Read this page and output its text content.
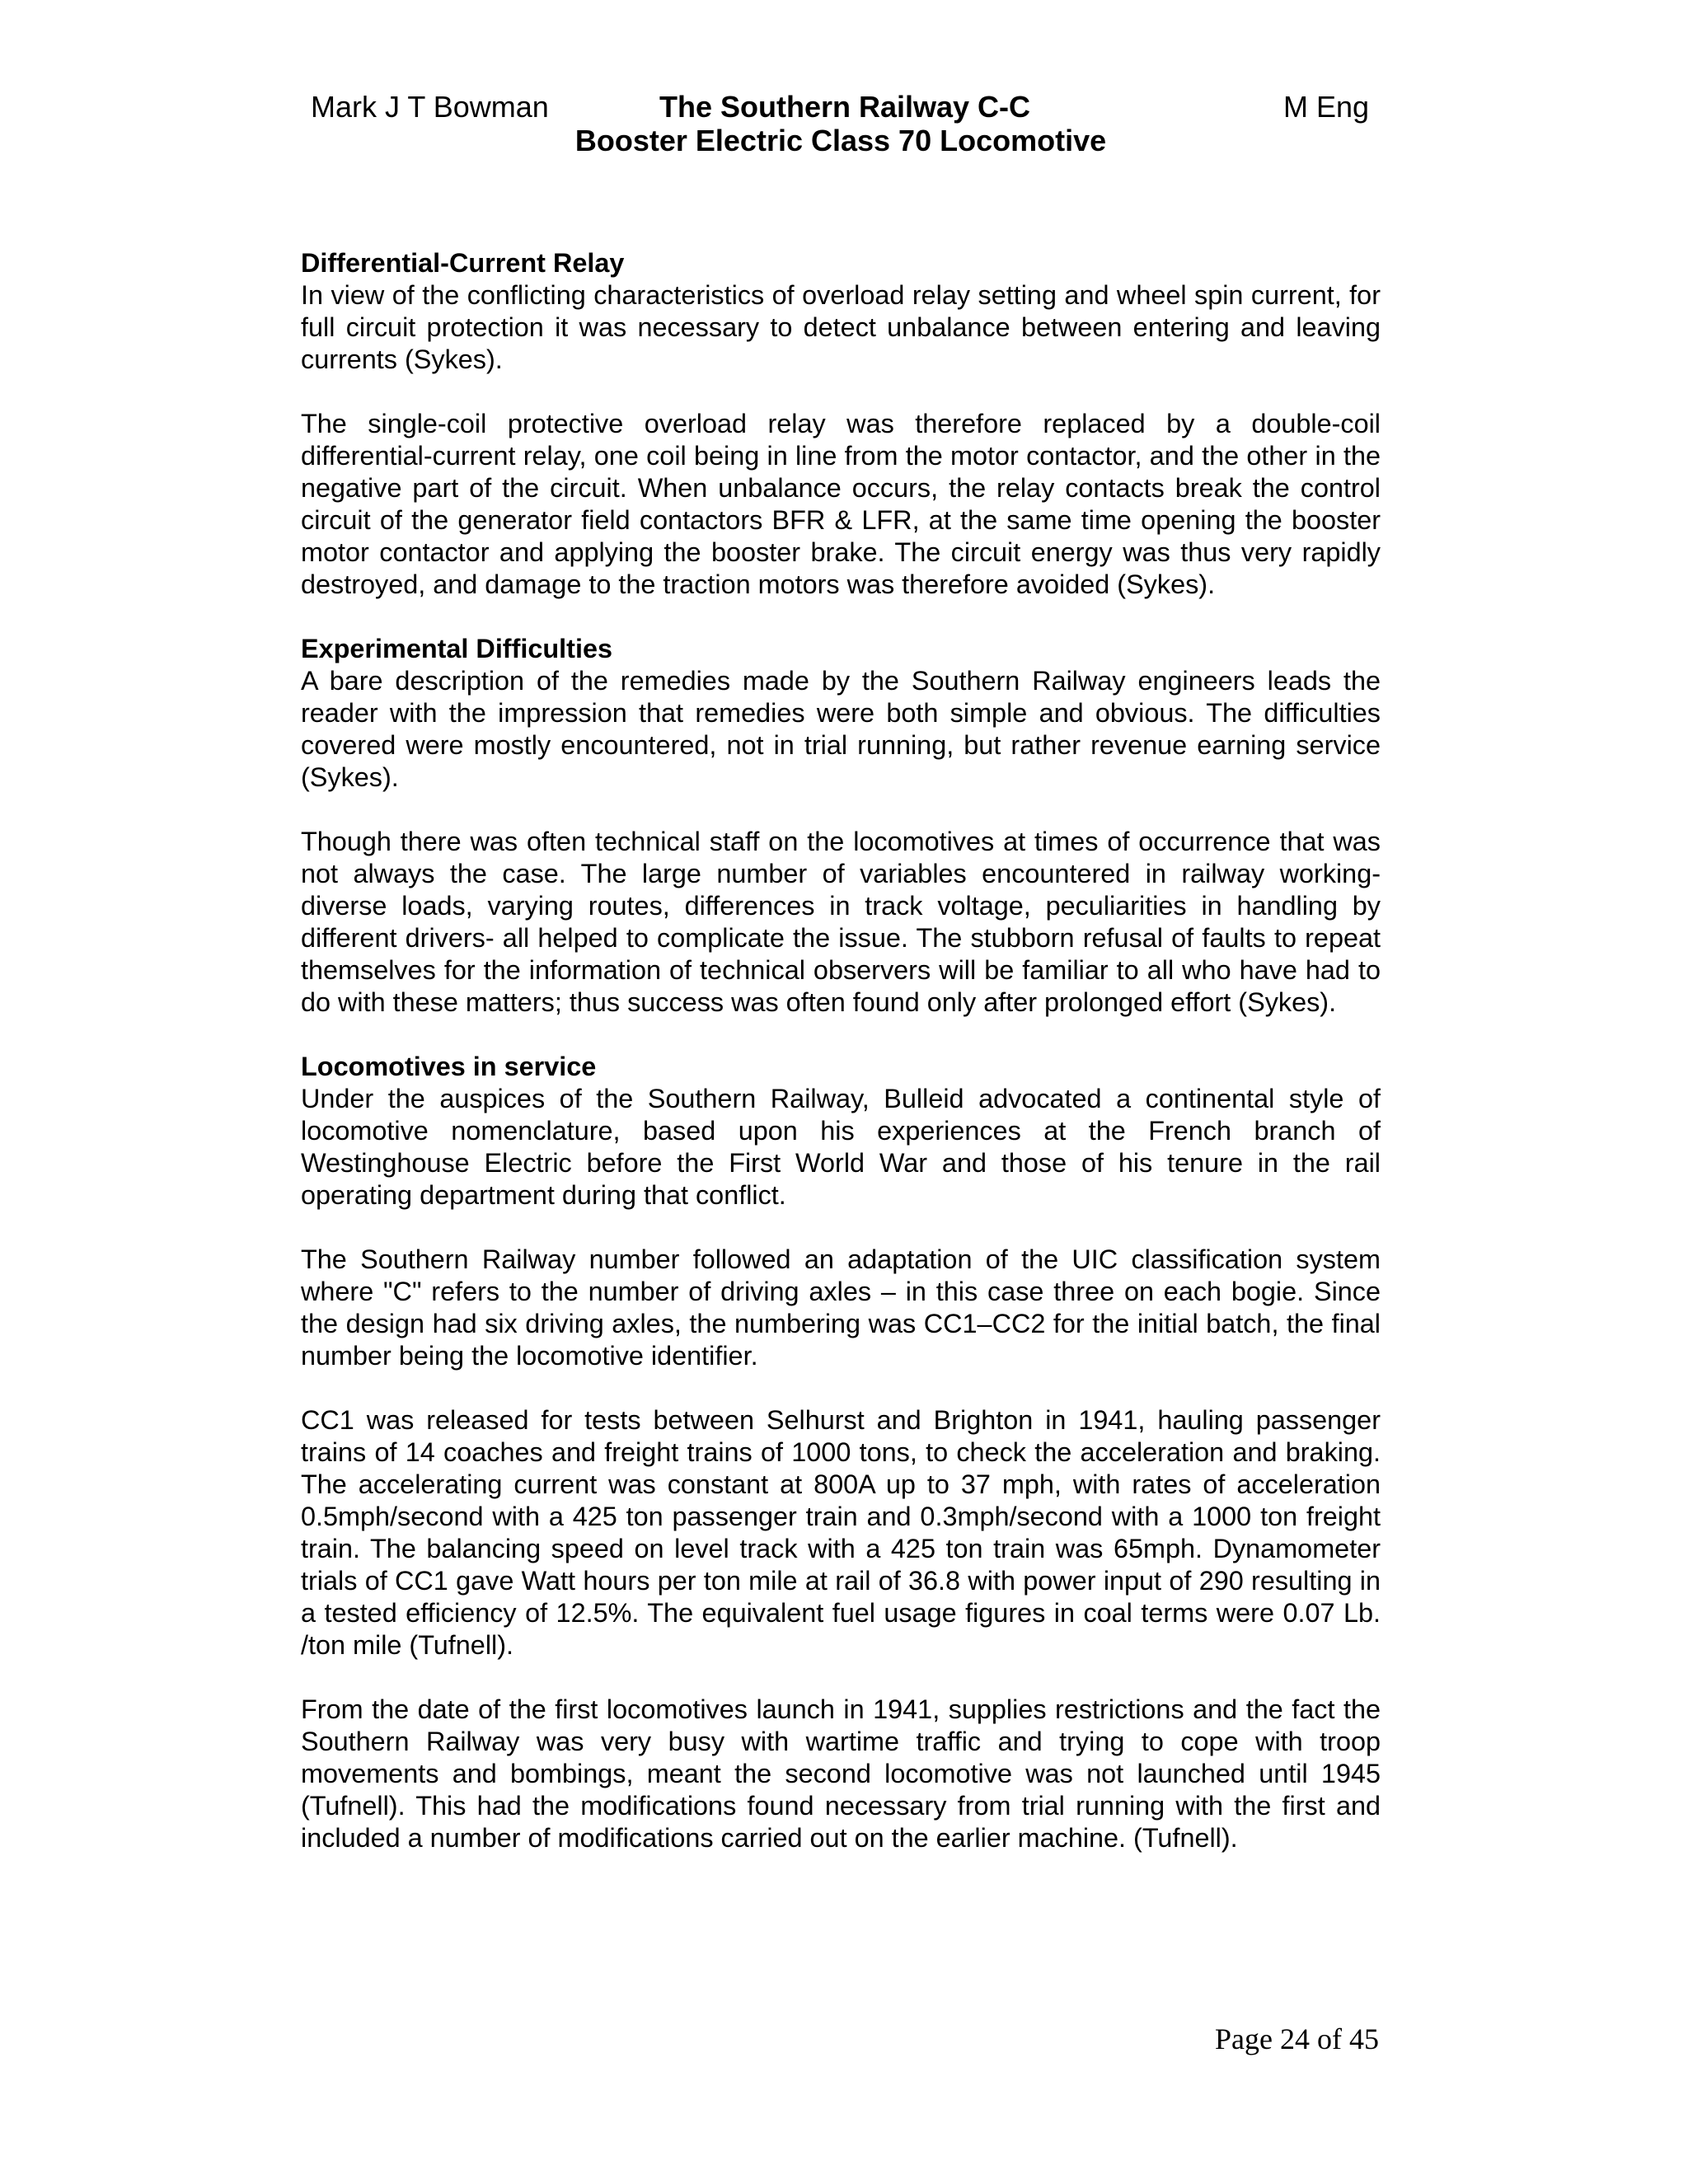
Mark J T Bowman	The Southern Railway C-C
Booster Electric Class 70 Locomotive
M Eng

Differential-Current Relay

In view of the conflicting characteristics of overload relay setting and wheel spin current, for full circuit protection it was necessary to detect unbalance between entering and leaving currents (Sykes).

The single-coil protective overload relay was therefore replaced by a double-coil differential-current relay, one coil being in line from the motor contactor, and the other in the negative part of the circuit. When unbalance occurs, the relay contacts break the control circuit of the generator field contactors BFR & LFR, at the same time opening the booster motor contactor and applying the booster brake. The circuit energy was thus very rapidly destroyed, and damage to the traction motors was therefore avoided (Sykes).

Experimental Difficulties

A bare description of the remedies made by the Southern Railway engineers leads the reader with the impression that remedies were both simple and obvious. The difficulties covered were mostly encountered, not in trial running, but rather revenue earning service (Sykes).

Though there was often technical staff on the locomotives at times of occurrence that was not always the case. The large number of variables encountered in railway working- diverse loads, varying routes, differences in track voltage, peculiarities in handling by different drivers- all helped to complicate the issue. The stubborn refusal of faults to repeat themselves for the information of technical observers will be familiar to all who have had to do with these matters; thus success was often found only after prolonged effort (Sykes).

Locomotives in service

Under the auspices of the Southern Railway, Bulleid advocated a continental style of locomotive nomenclature, based upon his experiences at the French branch of Westinghouse Electric before the First World War and those of his tenure in the rail operating department during that conflict.

The Southern Railway number followed an adaptation of the UIC classification system where "C" refers to the number of driving axles – in this case three on each bogie. Since the design had six driving axles, the numbering was CC1–CC2 for the initial batch, the final number being the locomotive identifier.

CC1 was released for tests between Selhurst and Brighton in 1941, hauling passenger trains of 14 coaches and freight trains of 1000 tons, to check the acceleration and braking. The accelerating current was constant at 800A up to 37 mph, with rates of acceleration 0.5mph/second with a 425 ton passenger train and 0.3mph/second with a 1000 ton freight train. The balancing speed on level track with a 425 ton train was 65mph. Dynamometer trials of CC1 gave Watt hours per ton mile at rail of 36.8 with power input of 290 resulting in a tested efficiency of 12.5%. The equivalent fuel usage figures in coal terms were 0.07 Lb. /ton mile (Tufnell).

From the date of the first locomotives launch in 1941, supplies restrictions and the fact the Southern Railway was very busy with wartime traffic and trying to cope with troop movements and bombings, meant the second locomotive was not launched until 1945 (Tufnell). This had the modifications found necessary from trial running with the first and included a number of modifications carried out on the earlier machine. (Tufnell).

Page 24 of 45
